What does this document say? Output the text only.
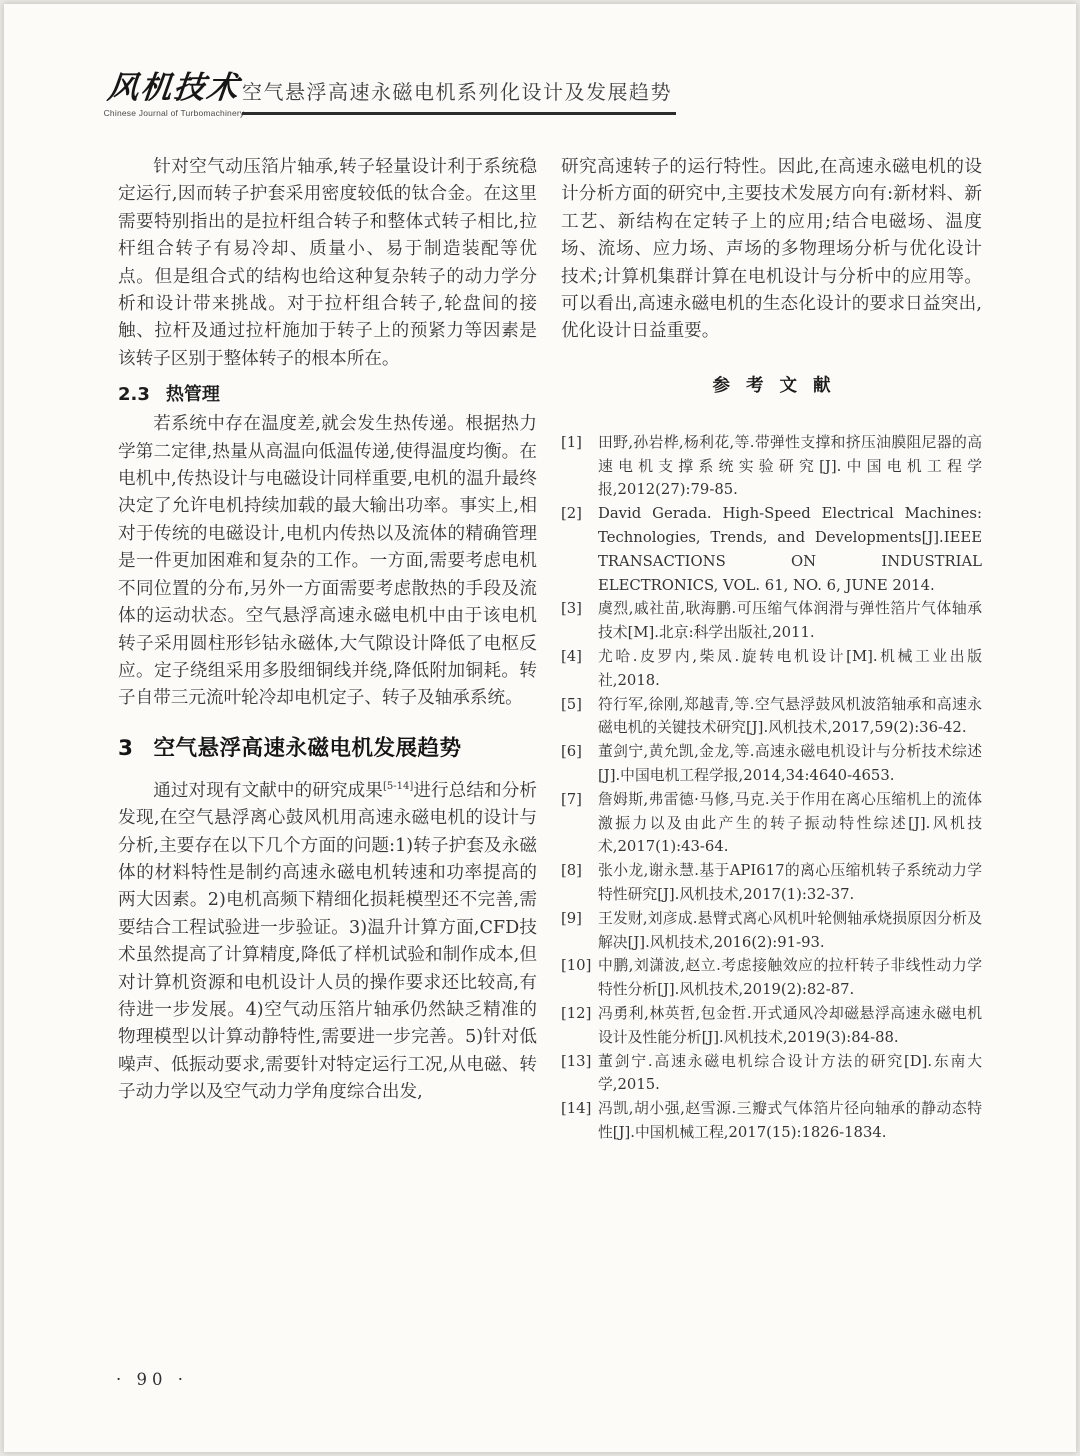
风机技术
Chinese Journal of Turbomachinery
空气悬浮高速永磁电机系列化设计及发展趋势

针对空气动压箔片轴承,转子轻量设计利于系统稳定运行,因而转子护套采用密度较低的钛合金。在这里需要特别指出的是拉杆组合转子和整体式转子相比,拉杆组合转子有易冷却、质量小、易于制造装配等优点。但是组合式的结构也给这种复杂转子的动力学分析和设计带来挑战。对于拉杆组合转子,轮盘间的接触、拉杆及通过拉杆施加于转子上的预紧力等因素是该转子区别于整体转子的根本所在。

2.3 热管理

若系统中存在温度差,就会发生热传递。根据热力学第二定律,热量从高温向低温传递,使得温度均衡。在电机中,传热设计与电磁设计同样重要,电机的温升最终决定了允许电机持续加载的最大输出功率。事实上,相对于传统的电磁设计,电机内传热以及流体的精确管理是一件更加困难和复杂的工作。一方面,需要考虑电机不同位置的分布,另外一方面需要考虑散热的手段及流体的运动状态。空气悬浮高速永磁电机中由于该电机转子采用圆柱形钐钴永磁体,大气隙设计降低了电枢反应。定子绕组采用多股细铜线并绕,降低附加铜耗。转子自带三元流叶轮冷却电机定子、转子及轴承系统。

3 空气悬浮高速永磁电机发展趋势

通过对现有文献中的研究成果[5-14]进行总结和分析发现,在空气悬浮离心鼓风机用高速永磁电机的设计与分析,主要存在以下几个方面的问题:1)转子护套及永磁体的材料特性是制约高速永磁电机转速和功率提高的两大因素。2)电机高频下精细化损耗模型还不完善,需要结合工程试验进一步验证。3)温升计算方面,CFD技术虽然提高了计算精度,降低了样机试验和制作成本,但对计算机资源和电机设计人员的操作要求还比较高,有待进一步发展。4)空气动压箔片轴承仍然缺乏精准的物理模型以计算动静特性,需要进一步完善。5)针对低噪声、低振动要求,需要针对特定运行工况,从电磁、转子动力学以及空气动力学角度综合出发,

研究高速转子的运行特性。因此,在高速永磁电机的设计分析方面的研究中,主要技术发展方向有:新材料、新工艺、新结构在定转子上的应用;结合电磁场、温度场、流场、应力场、声场的多物理场分析与优化设计技术;计算机集群计算在电机设计与分析中的应用等。可以看出,高速永磁电机的生态化设计的要求日益突出,优化设计日益重要。

参考文献
[1]	田野,孙岩桦,杨利花,等.带弹性支撑和挤压油膜阻尼器的高速电机支撑系统实验研究[J].中国电机工程学报,2012(27):79-85.
[2]	David Gerada. High-Speed Electrical Machines: Technologies, Trends, and Developments[J].IEEE TRANSACTIONS ON INDUSTRIAL ELECTRONICS, VOL. 61, NO. 6, JUNE 2014.
[3]	虞烈,戚社苗,耿海鹏.可压缩气体润滑与弹性箔片气体轴承技术[M].北京:科学出版社,2011.
[4]	尤哈.皮罗内,柴凤.旋转电机设计[M].机械工业出版社,2018.
[5]	符行军,徐刚,郑越青,等.空气悬浮鼓风机波箔轴承和高速永磁电机的关键技术研究[J].风机技术,2017,59(2):36-42.
[6]	董剑宁,黄允凯,金龙,等.高速永磁电机设计与分析技术综述[J].中国电机工程学报,2014,34:4640-4653.
[7]	詹姆斯,弗雷德·马修,马克.关于作用在离心压缩机上的流体激振力以及由此产生的转子振动特性综述[J].风机技术,2017(1):43-64.
[8]	张小龙,谢永慧.基于API617的离心压缩机转子系统动力学特性研究[J].风机技术,2017(1):32-37.
[9]	王发财,刘彦成.悬臂式离心风机叶轮侧轴承烧损原因分析及解决[J].风机技术,2016(2):91-93.
[10] 中鹏,刘潇波,赵立.考虑接触效应的拉杆转子非线性动力学特性分析[J].风机技术,2019(2):82-87.
[12] 冯勇利,林英哲,包金哲.开式通风冷却磁悬浮高速永磁电机设计及性能分析[J].风机技术,2019(3):84-88.
[13] 董剑宁.高速永磁电机综合设计方法的研究[D].东南大学,2015.
[14] 冯凯,胡小强,赵雪源.三瓣式气体箔片径向轴承的静动态特性[J].中国机械工程,2017(15):1826-1834.
· 90 ·
